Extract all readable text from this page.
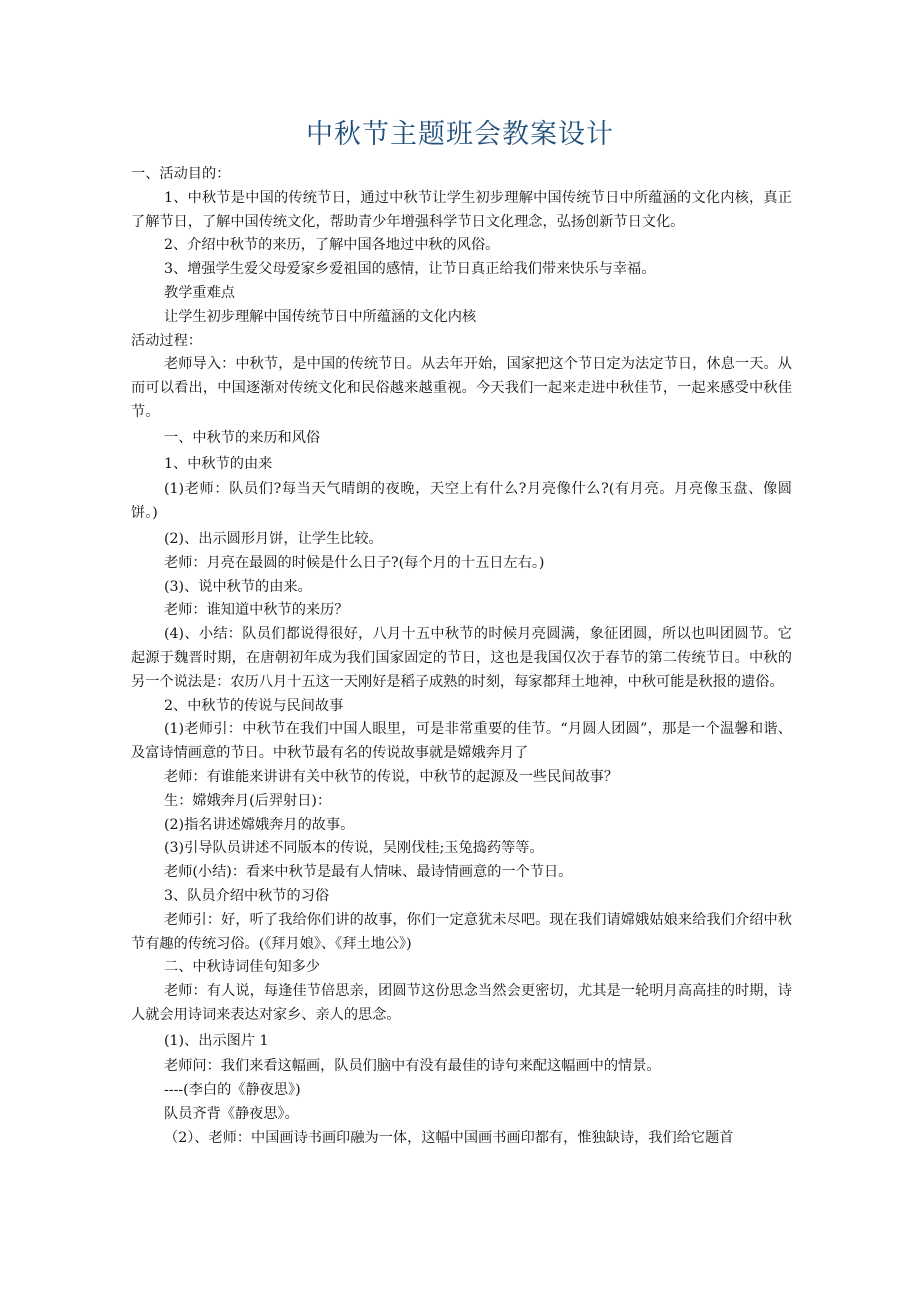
中秋节主题班会教案设计

一、活动目的：

1、中秋节是中国的传统节日，通过中秋节让学生初步理解中国传统节日中所蕴涵的文化内核，真正了解节日，了解中国传统文化，帮助青少年增强科学节日文化理念，弘扬创新节日文化。

2、介绍中秋节的来历，了解中国各地过中秋的风俗。

3、增强学生爱父母爱家乡爱祖国的感情，让节日真正给我们带来快乐与幸福。

教学重难点

让学生初步理解中国传统节日中所蕴涵的文化内核

活动过程：

老师导入：中秋节，是中国的传统节日。从去年开始，国家把这个节日定为法定节日，休息一天。从而可以看出，中国逐渐对传统文化和民俗越来越重视。今天我们一起来走进中秋佳节，一起来感受中秋佳节。

一、中秋节的来历和风俗

1、中秋节的由来

(1)老师：队员们?每当天气晴朗的夜晚，天空上有什么?月亮像什么?(有月亮。月亮像玉盘、像圆饼。)

(2)、出示圆形月饼，让学生比较。

老师：月亮在最圆的时候是什么日子?(每个月的十五日左右。)

(3)、说中秋节的由来。

老师：谁知道中秋节的来历？

(4)、小结：队员们都说得很好，八月十五中秋节的时候月亮圆满，象征团圆，所以也叫团圆节。它起源于魏晋时期，在唐朝初年成为我们国家固定的节日，这也是我国仅次于春节的第二传统节日。中秋的另一个说法是：农历八月十五这一天刚好是稻子成熟的时刻，每家都拜土地神，中秋可能是秋报的遗俗。

2、中秋节的传说与民间故事

(1)老师引：中秋节在我们中国人眼里，可是非常重要的佳节。“月圆人团圆”，那是一个温馨和谐、及富诗情画意的节日。中秋节最有名的传说故事就是嫦娥奔月了

老师：有谁能来讲讲有关中秋节的传说，中秋节的起源及一些民间故事？

生：嫦娥奔月(后羿射日)：

(2)指名讲述嫦娥奔月的故事。

(3)引导队员讲述不同版本的传说，吴刚伐桂;玉兔捣药等等。

老师(小结)：看来中秋节是最有人情味、最诗情画意的一个节日。

3、队员介绍中秋节的习俗

老师引：好，听了我给你们讲的故事，你们一定意犹未尽吧。现在我们请嫦娥姑娘来给我们介绍中秋节有趣的传统习俗。(《拜月娘》、《拜土地公》)

二、中秋诗词佳句知多少

老师：有人说，每逢佳节倍思亲，团圆节这份思念当然会更密切，尤其是一轮明月高高挂的时期，诗人就会用诗词来表达对家乡、亲人的思念。

(1)、出示图片 1

老师问：我们来看这幅画，队员们脑中有没有最佳的诗句来配这幅画中的情景。

----(李白的《静夜思》)

队员齐背《静夜思》。

（2）、老师：中国画诗书画印融为一体，这幅中国画书画印都有，惟独缺诗，我们给它题首
